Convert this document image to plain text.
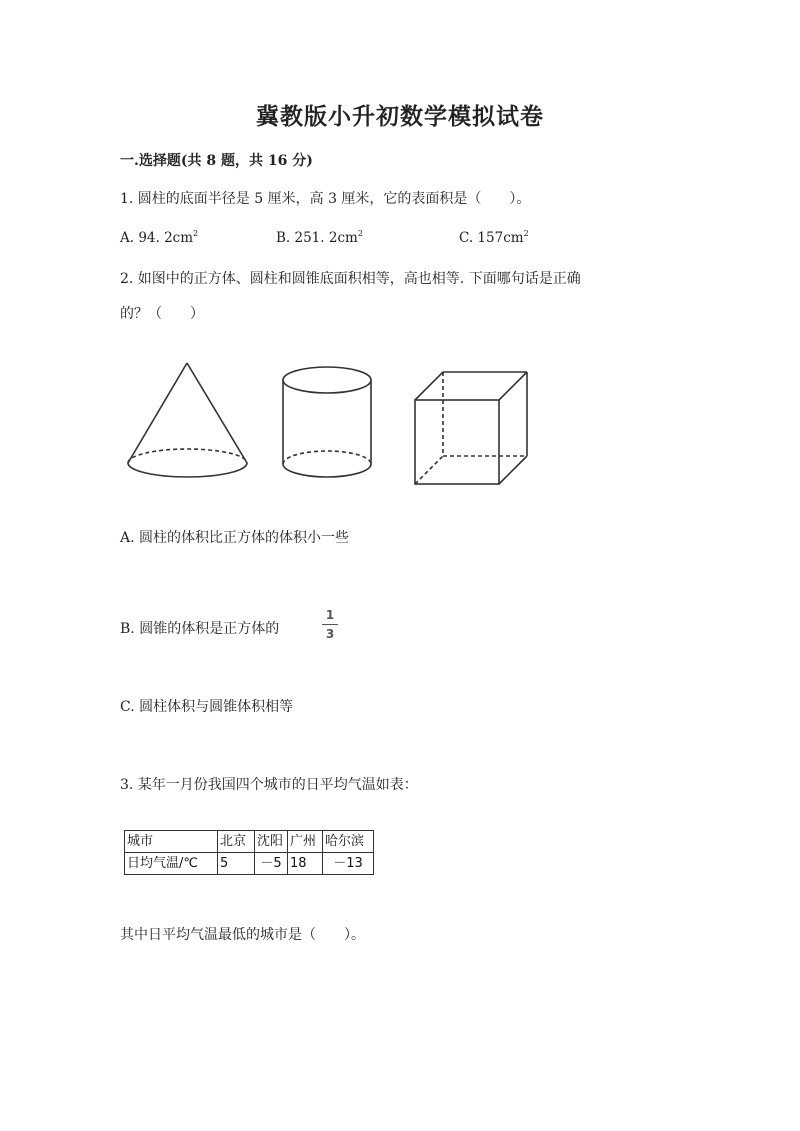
冀教版小升初数学模拟试卷
一.选择题(共 8 题，共 16 分)
1. 圆柱的底面半径是 5 厘米，高 3 厘米，它的表面积是（　　）。
A. 94. $2cm^2$	B. 251. $2cm^2$	C. $157cm^2$
2. 如图中的正方体、圆柱和圆锥底面积相等，高也相等. 下面哪句话是正确
的？（　　）
A. 圆柱的体积比正方体的体积小一些
B. 圆锥的体积是正方体的
1
3
C. 圆柱体积与圆锥体积相等
3. 某年一月份我国四个城市的日平均气温如表：
城市	北京	沈阳	广州	哈尔滨
日均气温/℃	5	－5	18	－13
其中日平均气温最低的城市是（　　）。
